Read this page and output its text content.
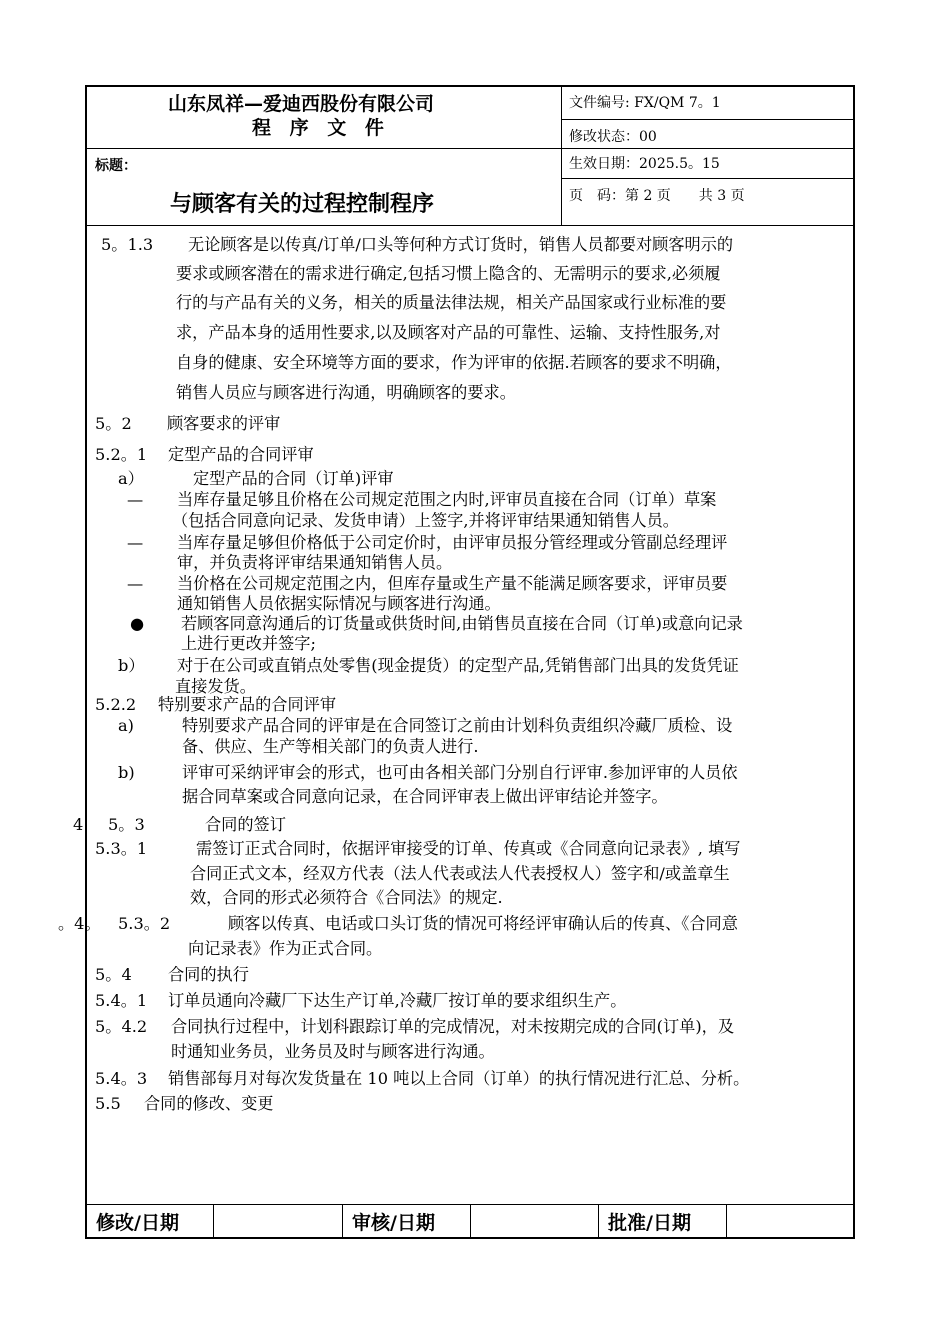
山东凤祥—爱迪西股份有限公司
程 序 文 件
文件编号: FX/QM 7。1
修改状态：00
生效日期：2025.5。15
页　码：第 2 页　　共 3 页
标题：
与顾客有关的过程控制程序
5。1.3 无论顾客是以传真/订单/口头等何种方式订货时，销售人员都要对顾客明示的
要求或顾客潜在的需求进行确定,包括习惯上隐含的、无需明示的要求,必须履
行的与产品有关的义务，相关的质量法律法规，相关产品国家或行业标准的要
求，产品本身的适用性要求,以及顾客对产品的可靠性、运输、支持性服务,对
自身的健康、安全环境等方面的要求，作为评审的依据.若顾客的要求不明确，
销售人员应与顾客进行沟通，明确顾客的要求。
5。2 顾客要求的评审
5.2。1 定型产品的合同评审
a）	定型产品的合同（订单)评审
— 当库存量足够且价格在公司规定范围之内时,评审员直接在合同（订单）草案
（包括合同意向记录、发货申请）上签字,并将评审结果通知销售人员。
— 当库存量足够但价格低于公司定价时，由评审员报分管经理或分管副总经理评
审，并负责将评审结果通知销售人员。
— 当价格在公司规定范围之内，但库存量或生产量不能满足顾客要求，评审员要
通知销售人员依据实际情况与顾客进行沟通。
● 若顾客同意沟通后的订货量或供货时间,由销售员直接在合同（订单)或意向记录
上进行更改并签字;
b） 对于在公司或直销点处零售(现金提货）的定型产品,凭销售部门出具的发货凭证
直接发货。
5.2.2 特别要求产品的合同评审
a)	特别要求产品合同的评审是在合同签订之前由计划科负责组织冷藏厂质检、设
备、供应、生产等相关部门的负责人进行.
b)	评审可采纳评审会的形式，也可由各相关部门分别自行评审.参加评审的人员依
据合同草案或合同意向记录，在合同评审表上做出评审结论并签字。
4 5。3	合同的签订
5.3。1	需签订正式合同时，依据评审接受的订单、传真或《合同意向记录表》, 填写
合同正式文本，经双方代表（法人代表或法人代表授权人）签字和/或盖章生
效，合同的形式必须符合《合同法》的规定.
。4。 5.3。2	顾客以传真、电话或口头订货的情况可将经评审确认后的传真、《合同意
向记录表》作为正式合同。
5。4 合同的执行
5.4。1 订单员通向冷藏厂下达生产订单,冷藏厂按订单的要求组织生产。
5。4.2 合同执行过程中，计划科跟踪订单的完成情况，对未按期完成的合同(订单)，及
时通知业务员，业务员及时与顾客进行沟通。
5.4。3 销售部每月对每次发货量在 10 吨以上合同（订单）的执行情况进行汇总、分析。
5.5 合同的修改、变更
修改/日期	审核/日期	批准/日期
